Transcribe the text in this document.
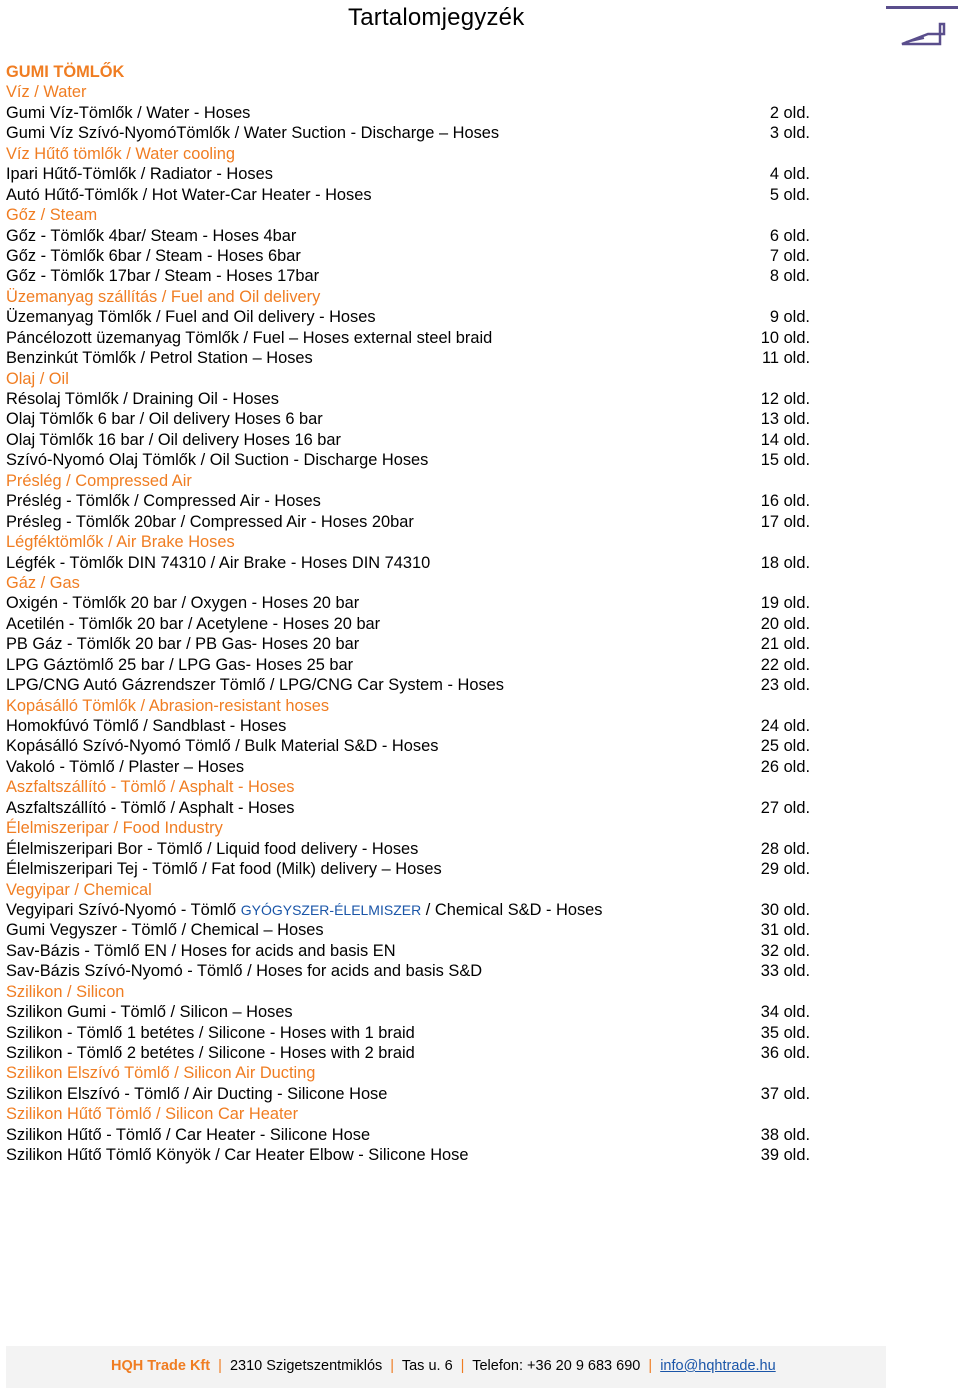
Tartalomjegyzék
GUMI TÖMLŐK
Víz / Water
Gumi Víz-Tömlők / Water - Hoses	2 old.
Gumi Víz Szívó-NyomóTömlők / Water Suction - Discharge – Hoses	3 old.
Víz Hűtő tömlők / Water cooling
Ipari Hűtő-Tömlők / Radiator - Hoses	4 old.
Autó Hűtő-Tömlők / Hot Water-Car Heater - Hoses	5 old.
Gőz / Steam
Gőz - Tömlők 4bar/ Steam - Hoses 4bar	6 old.
Gőz - Tömlők 6bar / Steam - Hoses 6bar	7 old.
Gőz - Tömlők 17bar / Steam - Hoses 17bar	8 old.
Üzemanyag szállítás / Fuel and Oil delivery
Üzemanyag Tömlők / Fuel and Oil delivery - Hoses	9 old.
Páncélozott üzemanyag Tömlők / Fuel – Hoses external steel braid	10 old.
Benzinkút Tömlők / Petrol Station – Hoses	11 old.
Olaj / Oil
Résolaj Tömlők / Draining Oil - Hoses	12 old.
Olaj Tömlők 6 bar / Oil delivery Hoses 6 bar	13 old.
Olaj Tömlők 16 bar / Oil delivery Hoses 16 bar	14 old.
Szívó-Nyomó Olaj Tömlők / Oil Suction - Discharge Hoses	15 old.
Préslég / Compressed Air
Préslég - Tömlők / Compressed Air - Hoses	16 old.
Présleg - Tömlők 20bar / Compressed Air - Hoses 20bar	17 old.
Légféktömlők / Air Brake Hoses
Légfék - Tömlők DIN 74310 / Air Brake - Hoses DIN 74310	18 old.
Gáz / Gas
Oxigén - Tömlők 20 bar / Oxygen - Hoses 20 bar	19 old.
Acetilén - Tömlők 20 bar / Acetylene - Hoses 20 bar	20 old.
PB Gáz - Tömlők 20 bar / PB Gas- Hoses 20 bar	21 old.
LPG Gáztömlő 25 bar / LPG Gas- Hoses 25 bar	22 old.
LPG/CNG Autó Gázrendszer Tömlő / LPG/CNG Car System - Hoses	23 old.
Kopásálló Tömlők / Abrasion-resistant hoses
Homokfúvó Tömlő / Sandblast - Hoses	24 old.
Kopásálló Szívó-Nyomó Tömlő / Bulk Material S&D - Hoses	25 old.
Vakoló - Tömlő / Plaster – Hoses	26 old.
Aszfaltszállító - Tömlő / Asphalt - Hoses
Aszfaltszállító - Tömlő / Asphalt - Hoses	27 old.
Élelmiszeripar / Food Industry
Élelmiszeripari Bor - Tömlő / Liquid food delivery - Hoses	28 old.
Élelmiszeripari Tej - Tömlő / Fat food (Milk) delivery – Hoses	29 old.
Vegyipar / Chemical
Vegyipari Szívó-Nyomó - Tömlő GYÓGYSZER-ÉLELMISZER / Chemical S&D - Hoses	30 old.
Gumi Vegyszer - Tömlő / Chemical – Hoses	31 old.
Sav-Bázis - Tömlő EN / Hoses for acids and basis EN	32 old.
Sav-Bázis Szívó-Nyomó - Tömlő / Hoses for acids and basis S&D	33 old.
Szilikon / Silicon
Szilikon Gumi - Tömlő / Silicon – Hoses	34 old.
Szilikon - Tömlő 1 betétes / Silicone - Hoses with 1 braid	35 old.
Szilikon - Tömlő 2 betétes / Silicone - Hoses with 2 braid	36 old.
Szilikon Elszívó Tömlő / Silicon Air Ducting
Szilikon Elszívó - Tömlő / Air Ducting - Silicone Hose	37 old.
Szilikon Hűtő Tömlő / Silicon Car Heater
Szilikon Hűtő - Tömlő / Car Heater - Silicone Hose	38 old.
Szilikon Hűtő Tömlő Könyök / Car Heater Elbow - Silicone Hose	39 old.
HQH Trade Kft | 2310 Szigetszentmiklós | Tas u. 6 | Telefon: +36 20 9 683 690 | info@hqhtrade.hu
